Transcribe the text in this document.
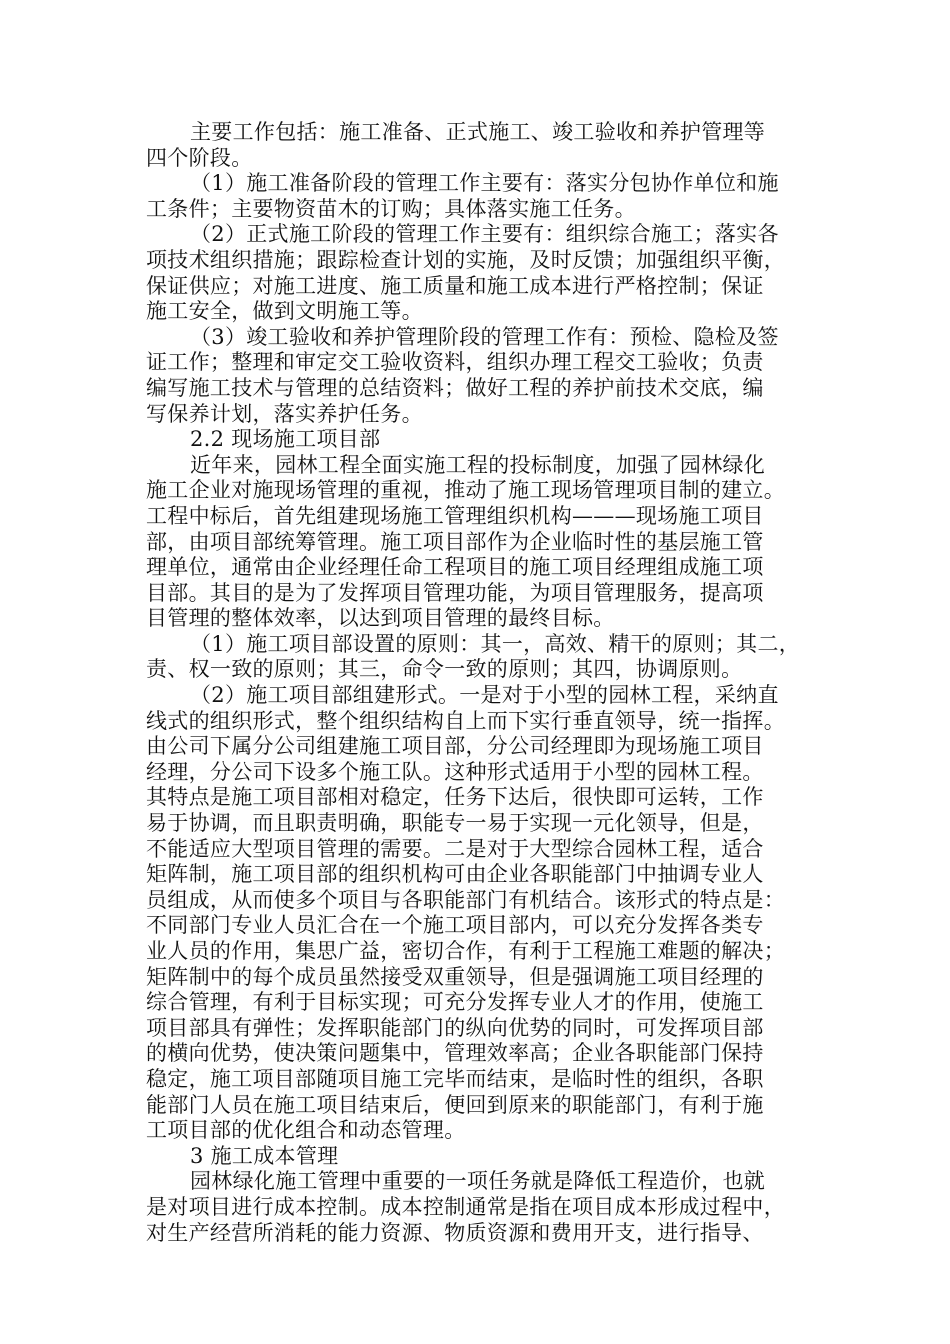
主要工作包括：施工准备、正式施工、竣工验收和养护管理等
四个阶段。
（1）施工准备阶段的管理工作主要有：落实分包协作单位和施
工条件；主要物资苗木的订购；具体落实施工任务。
（2）正式施工阶段的管理工作主要有：组织综合施工；落实各
项技术组织措施；跟踪检查计划的实施，及时反馈；加强组织平衡，
保证供应；对施工进度、施工质量和施工成本进行严格控制；保证
施工安全，做到文明施工等。
（3）竣工验收和养护管理阶段的管理工作有：预检、隐检及签
证工作；整理和审定交工验收资料，组织办理工程交工验收；负责
编写施工技术与管理的总结资料；做好工程的养护前技术交底，编
写保养计划，落实养护任务。
2.2 现场施工项目部
近年来，园林工程全面实施工程的投标制度，加强了园林绿化
施工企业对施现场管理的重视，推动了施工现场管理项目制的建立。
工程中标后，首先组建现场施工管理组织机构———现场施工项目
部，由项目部统筹管理。施工项目部作为企业临时性的基层施工管
理单位，通常由企业经理任命工程项目的施工项目经理组成施工项
目部。其目的是为了发挥项目管理功能，为项目管理服务，提高项
目管理的整体效率，以达到项目管理的最终目标。
（1）施工项目部设置的原则：其一，高效、精干的原则；其二，
责、权一致的原则；其三，命令一致的原则；其四，协调原则。
（2）施工项目部组建形式。一是对于小型的园林工程，采纳直
线式的组织形式，整个组织结构自上而下实行垂直领导，统一指挥。
由公司下属分公司组建施工项目部，分公司经理即为现场施工项目
经理，分公司下设多个施工队。这种形式适用于小型的园林工程。
其特点是施工项目部相对稳定，任务下达后，很快即可运转，工作
易于协调，而且职责明确，职能专一易于实现一元化领导，但是，
不能适应大型项目管理的需要。二是对于大型综合园林工程，适合
矩阵制，施工项目部的组织机构可由企业各职能部门中抽调专业人
员组成，从而使多个项目与各职能部门有机结合。该形式的特点是：
不同部门专业人员汇合在一个施工项目部内，可以充分发挥各类专
业人员的作用，集思广益，密切合作，有利于工程施工难题的解决；
矩阵制中的每个成员虽然接受双重领导，但是强调施工项目经理的
综合管理，有利于目标实现；可充分发挥专业人才的作用，使施工
项目部具有弹性；发挥职能部门的纵向优势的同时，可发挥项目部
的横向优势，使决策问题集中，管理效率高；企业各职能部门保持
稳定，施工项目部随项目施工完毕而结束，是临时性的组织，各职
能部门人员在施工项目结束后，便回到原来的职能部门，有利于施
工项目部的优化组合和动态管理。
3 施工成本管理
园林绿化施工管理中重要的一项任务就是降低工程造价，也就
是对项目进行成本控制。成本控制通常是指在项目成本形成过程中，
对生产经营所消耗的能力资源、物质资源和费用开支，进行指导、
